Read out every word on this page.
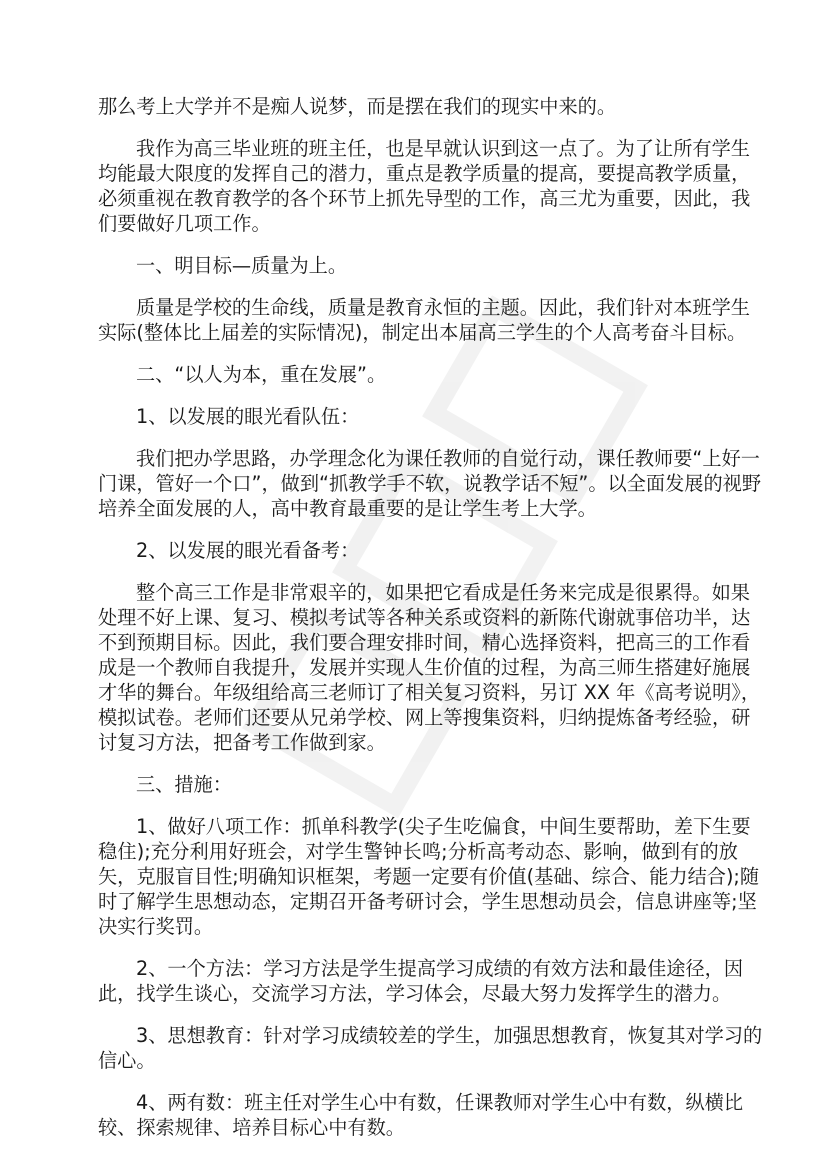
那么考上大学并不是痴人说梦，而是摆在我们的现实中来的。
我作为高三毕业班的班主任，也是早就认识到这一点了。为了让所有学生
均能最大限度的发挥自己的潜力，重点是教学质量的提高，要提高教学质量，
必须重视在教育教学的各个环节上抓先导型的工作，高三尤为重要，因此，我
们要做好几项工作。
一、明目标—质量为上。
质量是学校的生命线，质量是教育永恒的主题。因此，我们针对本班学生
实际(整体比上届差的实际情况)，制定出本届高三学生的个人高考奋斗目标。
二、“以人为本，重在发展”。
1、以发展的眼光看队伍：
我们把办学思路，办学理念化为课任教师的自觉行动，课任教师要“上好一
门课，管好一个口”，做到“抓教学手不软，说教学话不短”。以全面发展的视野
培养全面发展的人，高中教育最重要的是让学生考上大学。
2、以发展的眼光看备考：
整个高三工作是非常艰辛的，如果把它看成是任务来完成是很累得。如果
处理不好上课、复习、模拟考试等各种关系或资料的新陈代谢就事倍功半，达
不到预期目标。因此，我们要合理安排时间，精心选择资料，把高三的工作看
成是一个教师自我提升，发展并实现人生价值的过程，为高三师生搭建好施展
才华的舞台。年级组给高三老师订了相关复习资料，另订 XX 年《高考说明》，
模拟试卷。老师们还要从兄弟学校、网上等搜集资料，归纳提炼备考经验，研
讨复习方法，把备考工作做到家。
三、措施：
1、做好八项工作：抓单科教学(尖子生吃偏食，中间生要帮助，差下生要
稳住);充分利用好班会，对学生警钟长鸣;分析高考动态、影响，做到有的放
矢，克服盲目性;明确知识框架，考题一定要有价值(基础、综合、能力结合);随
时了解学生思想动态，定期召开备考研讨会，学生思想动员会，信息讲座等;坚
决实行奖罚。
2、一个方法：学习方法是学生提高学习成绩的有效方法和最佳途径，因
此，找学生谈心，交流学习方法，学习体会，尽最大努力发挥学生的潜力。
3、思想教育：针对学习成绩较差的学生，加强思想教育，恢复其对学习的
信心。
4、两有数：班主任对学生心中有数，任课教师对学生心中有数，纵横比
较、探索规律、培养目标心中有数。
